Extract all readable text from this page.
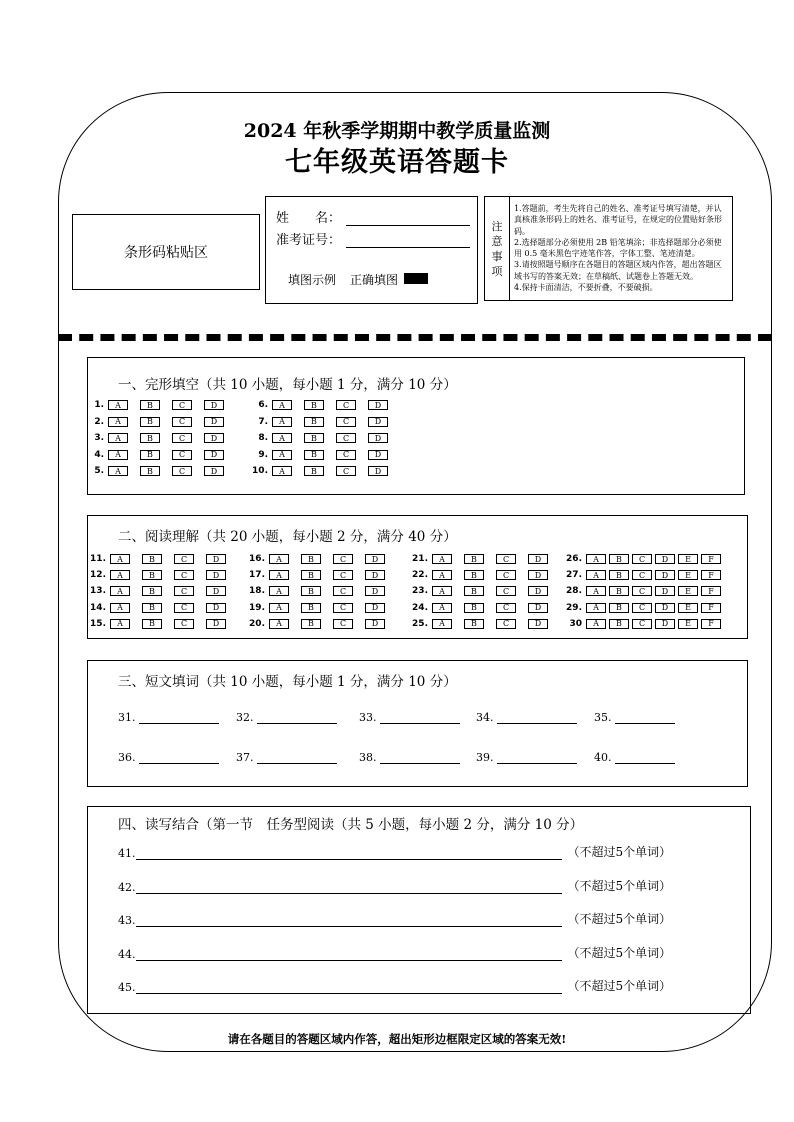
2024 年秋季学期期中教学质量监测
七年级英语答题卡
条形码粘贴区
姓　　名：
准考证号：
填图示例 正确填图
注
意
事
项
1.答题前，考生先将自己的姓名、准考证号填写清楚，并认真核准条形码上的姓名、准考证号，在规定的位置贴好条形码。
2.选择题部分必须使用 2B 铅笔填涂；非选择题部分必须使用 0.5 毫米黑色字迹笔作答，字体工整、笔迹清楚。
3.请按照题号顺序在各题目的答题区域内作答，超出答题区域书写的答案无效；在草稿纸、试题卷上答题无效。
4.保持卡面清洁，不要折叠，不要破损。
一、完形填空（共 10 小题，每小题 1 分，满分 10 分）
1.	A	B	C	D
2.	A	B	C	D
3.	A	B	C	D
4.	A	B	C	D
5.	A	B	C	D
6.	A	B	C	D
7.	A	B	C	D
8.	A	B	C	D
9.	A	B	C	D
10.	A	B	C	D
二、阅读理解（共 20 小题，每小题 2 分，满分 40 分）
11.	A	B	C	D
12.	A	B	C	D
13.	A	B	C	D
14.	A	B	C	D
15.	A	B	C	D
16.	A	B	C	D
17.	A	B	C	D
18.	A	B	C	D
19.	A	B	C	D
20.	A	B	C	D
21.	A	B	C	D
22.	A	B	C	D
23.	A	B	C	D
24.	A	B	C	D
25.	A	B	C	D
26.	A	B	C	D	E	F
27.	A	B	C	D	E	F
28.	A	B	C	D	E	F
29.	A	B	C	D	E	F
30	A	B	C	D	E	F
三、短文填词（共 10 小题，每小题 1 分，满分 10 分）
31.	32.	33.	34.	35.
36.	37.	38.	39.	40.
四、读写结合（第一节　任务型阅读（共 5 小题，每小题 2 分，满分 10 分）
41.	（不超过5个单词）
42.	（不超过5个单词）
43.	（不超过5个单词）
44.	（不超过5个单词）
45.	（不超过5个单词）
请在各题目的答题区域内作答，超出矩形边框限定区域的答案无效!
